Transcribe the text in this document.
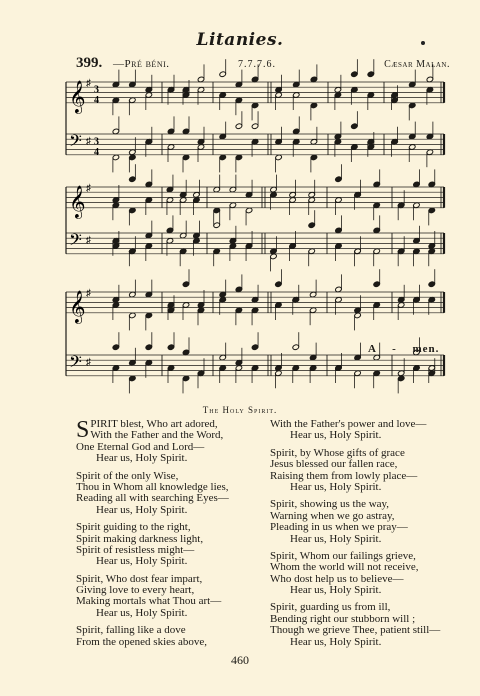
Litanies.
399. —Pré béni.	7.7.7.6.	Cæsar Malan.
𝄞 ♯
3
4
𝄢 ♯ 3
4
𝄞 ♯
𝄢 ♯
𝄞 ♯
𝄢 ♯
A - men.
The Holy Spirit.
S PIRIT blest, Who art adored,
With the Father and the Word,
One Eternal God and Lord—
Hear us, Holy Spirit.
Spirit of the only Wise,
Thou in Whom all knowledge lies,
Reading all with searching Eyes—
Hear us, Holy Spirit.
Spirit guiding to the right,
Spirit making darkness light,
Spirit of resistless might—
Hear us, Holy Spirit.
Spirit, Who dost fear impart,
Giving love to every heart,
Making mortals what Thou art—
Hear us, Holy Spirit.
Spirit, falling like a dove
From the opened skies above,
With the Father's power and love—
Hear us, Holy Spirit.
Spirit, by Whose gifts of grace
Jesus blessed our fallen race,
Raising them from lowly place—
Hear us, Holy Spirit.
Spirit, showing us the way,
Warning when we go astray,
Pleading in us when we pray—
Hear us, Holy Spirit.
Spirit, Whom our failings grieve,
Whom the world will not receive,
Who dost help us to believe—
Hear us, Holy Spirit.
Spirit, guarding us from ill,
Bending right our stubborn will ;
Though we grieve Thee, patient still—
Hear us, Holy Spirit.
460
